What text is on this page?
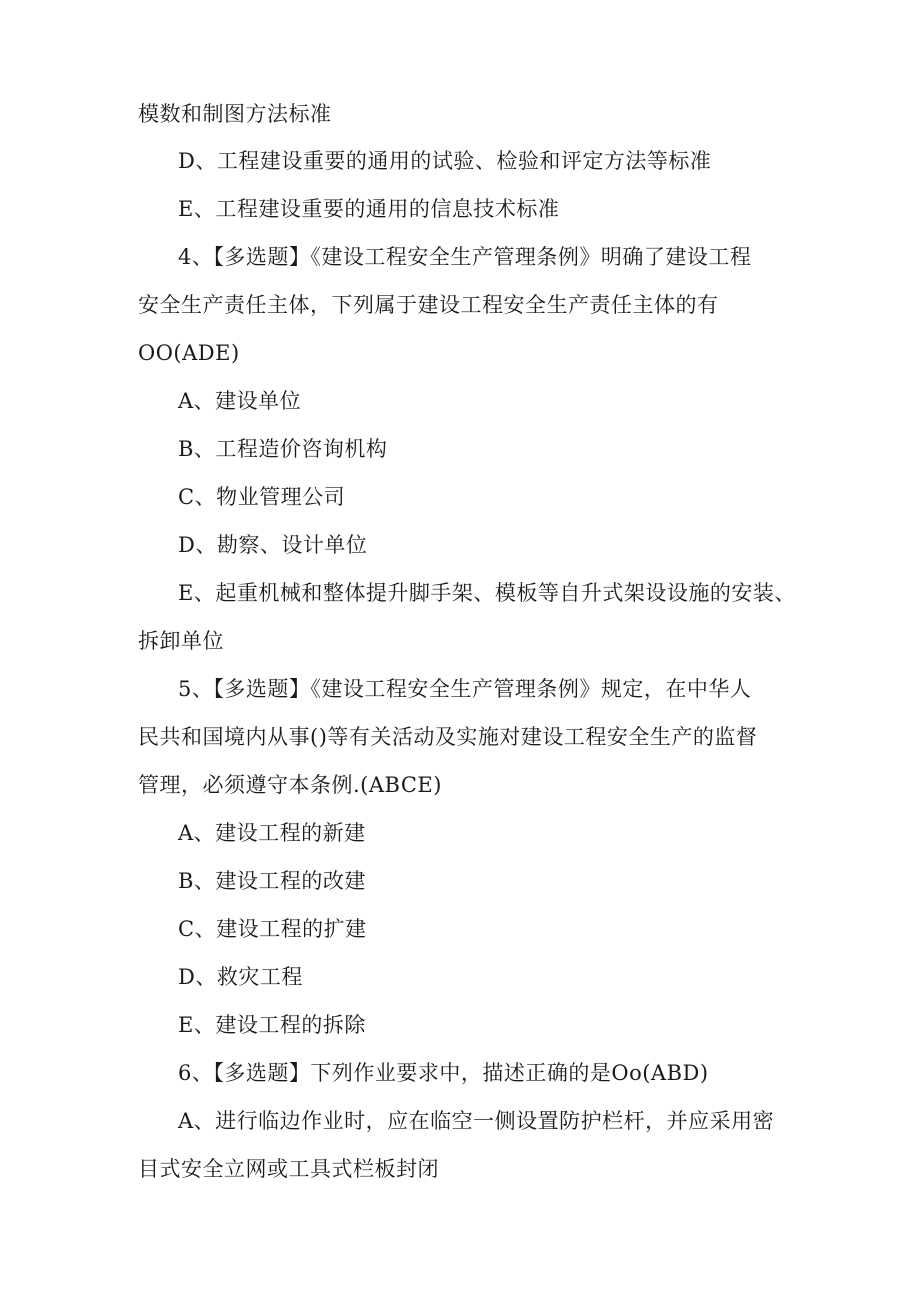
模数和制图方法标准
D、工程建设重要的通用的试验、检验和评定方法等标准
E、工程建设重要的通用的信息技术标准
4、【多选题】《建设工程安全生产管理条例》明确了建设工程
安全生产责任主体，下列属于建设工程安全生产责任主体的有
OO(ADE)
A、建设单位
B、工程造价咨询机构
C、物业管理公司
D、勘察、设计单位
E、起重机械和整体提升脚手架、模板等自升式架设设施的安装、
拆卸单位
5、【多选题】《建设工程安全生产管理条例》规定，在中华人
民共和国境内从事()等有关活动及实施对建设工程安全生产的监督
管理，必须遵守本条例.(ABCE)
A、建设工程的新建
B、建设工程的改建
C、建设工程的扩建
D、救灾工程
E、建设工程的拆除
6、【多选题】下列作业要求中，描述正确的是Oo(ABD)
A、进行临边作业时，应在临空一侧设置防护栏杆，并应采用密
目式安全立网或工具式栏板封闭
